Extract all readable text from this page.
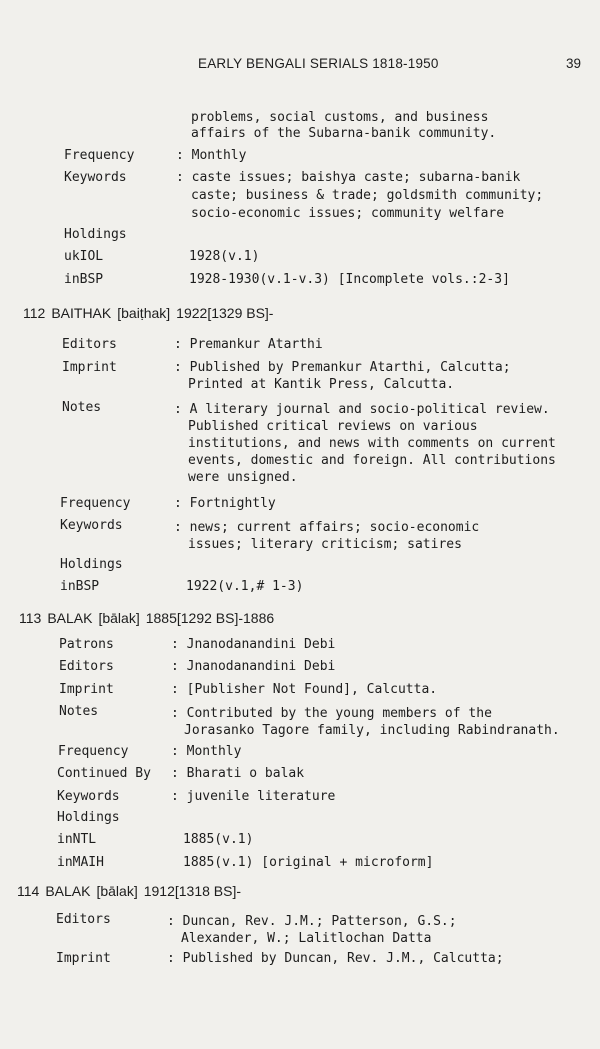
EARLY BENGALI SERIALS 1818-1950	39
problems, social customs, and business
affairs of the Subarna-banik community.
Frequency	: Monthly
Keywords	: caste issues; baishya caste; subarna-banik
caste; business & trade; goldsmith community;
socio-economic issues; community welfare
Holdings
ukIOL	1928(v.1)
inBSP	1928-1930(v.1-v.3) [Incomplete vols.:2-3]
112 BAITHAK [baiṭhak] 1922[1329 BS]-
Editors	: Premankur Atarthi
Imprint	: Published by Premankur Atarthi, Calcutta;
Printed at Kantik Press, Calcutta.
Notes	: A literary journal and socio-political review.
Published critical reviews on various
institutions, and news with comments on current
events, domestic and foreign. All contributions
were unsigned.
Frequency	: Fortnightly
Keywords	: news; current affairs; socio-economic
issues; literary criticism; satires
Holdings
inBSP	1922(v.1,# 1-3)
113 BALAK [bālak] 1885[1292 BS]-1886
Patrons	: Jnanodanandini Debi
Editors	: Jnanodanandini Debi
Imprint	: [Publisher Not Found], Calcutta.
Notes	: Contributed by the young members of the
Jorasanko Tagore family, including Rabindranath.
Frequency	: Monthly
Continued By : Bharati o balak
Keywords	: juvenile literature
Holdings
inNTL	1885(v.1)
inMAIH	1885(v.1) [original + microform]
114 BALAK [bālak] 1912[1318 BS]-
Editors	: Duncan, Rev. J.M.; Patterson, G.S.;
Alexander, W.; Lalitlochan Datta
Imprint	: Published by Duncan, Rev. J.M., Calcutta;
